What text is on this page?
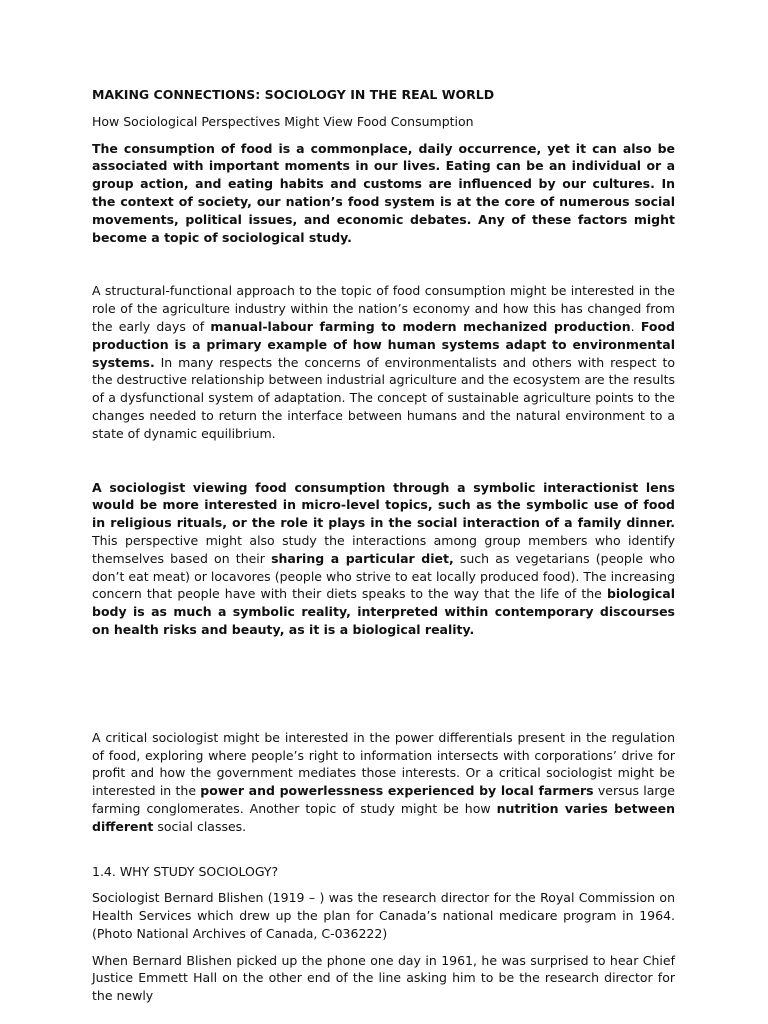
MAKING CONNECTIONS: SOCIOLOGY IN THE REAL WORLD

How Sociological Perspectives Might View Food Consumption

The consumption of food is a commonplace, daily occurrence, yet it can also be associated with important moments in our lives. Eating can be an individual or a group action, and eating habits and customs are influenced by our cultures. In the context of society, our nation’s food system is at the core of numerous social movements, political issues, and economic debates. Any of these factors might become a topic of sociological study.

A structural-functional approach to the topic of food consumption might be interested in the role of the agriculture industry within the nation’s economy and how this has changed from the early days of manual-labour farming to modern mechanized production. Food production is a primary example of how human systems adapt to environmental systems. In many respects the concerns of environmentalists and others with respect to the destructive relationship between industrial agriculture and the ecosystem are the results of a dysfunctional system of adaptation. The concept of sustainable agriculture points to the changes needed to return the interface between humans and the natural environment to a state of dynamic equilibrium.

A sociologist viewing food consumption through a symbolic interactionist lens would be more interested in micro-level topics, such as the symbolic use of food in religious rituals, or the role it plays in the social interaction of a family dinner. This perspective might also study the interactions among group members who identify themselves based on their sharing a particular diet, such as vegetarians (people who don’t eat meat) or locavores (people who strive to eat locally produced food). The increasing concern that people have with their diets speaks to the way that the life of the biological body is as much a symbolic reality, interpreted within contemporary discourses on health risks and beauty, as it is a biological reality.

A critical sociologist might be interested in the power differentials present in the regulation of food, exploring where people’s right to information intersects with corporations’ drive for profit and how the government mediates those interests. Or a critical sociologist might be interested in the power and powerlessness experienced by local farmers versus large farming conglomerates. Another topic of study might be how nutrition varies between different social classes.

1.4. WHY STUDY SOCIOLOGY?

Sociologist Bernard Blishen (1919 – ) was the research director for the Royal Commission on Health Services which drew up the plan for Canada’s national medicare program in 1964. (Photo National Archives of Canada, C-036222)

When Bernard Blishen picked up the phone one day in 1961, he was surprised to hear Chief Justice Emmett Hall on the other end of the line asking him to be the research director for the newly
